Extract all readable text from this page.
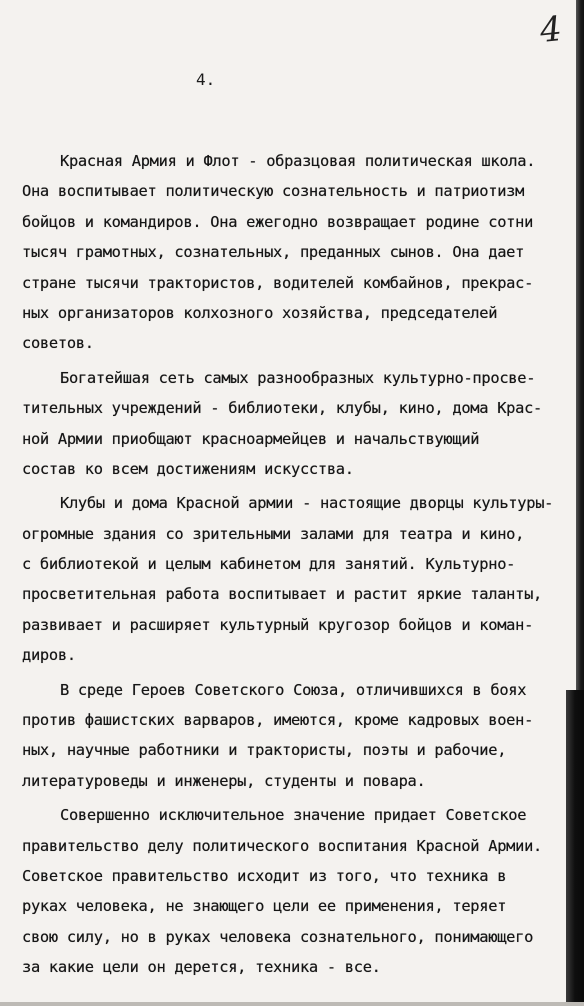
4
4.
Красная Армия и Флот - образцовая политическая школа.
Она воспитывает политическую сознательность и патриотизм
бойцов и командиров. Она ежегодно возвращает родине сотни
тысяч грамотных, сознательных, преданных сынов. Она дает
стране тысячи трактористов, водителей комбайнов, прекрас-
ных организаторов колхозного хозяйства, председателей
советов.
Богатейшая сеть самых разнообразных культурно-просве-
тительных учреждений - библиотеки, клубы, кино, дома Крас-
ной Армии приобщают красноармейцев и начальствующий
состав ко всем достижениям искусства.
Клубы и дома Красной армии - настоящие дворцы культуры-
огромные здания со зрительными залами для театра и кино,
с библиотекой и целым кабинетом для занятий. Культурно-
просветительная работа воспитывает и растит яркие таланты,
развивает и расширяет культурный кругозор бойцов и коман-
диров.
В среде Героев Советского Союза, отличившихся в боях
против фашистских варваров, имеются, кроме кадровых воен-
ных, научные работники и трактористы, поэты и рабочие,
литературоведы и инженеры, студенты и повара.
Совершенно исключительное значение придает Советское
правительство делу политического воспитания Красной Армии.
Советское правительство исходит из того, что техника в
руках человека, не знающего цели ее применения, теряет
свою силу, но в руках человека сознательного, понимающего
за какие цели он дерется, техника - все.
